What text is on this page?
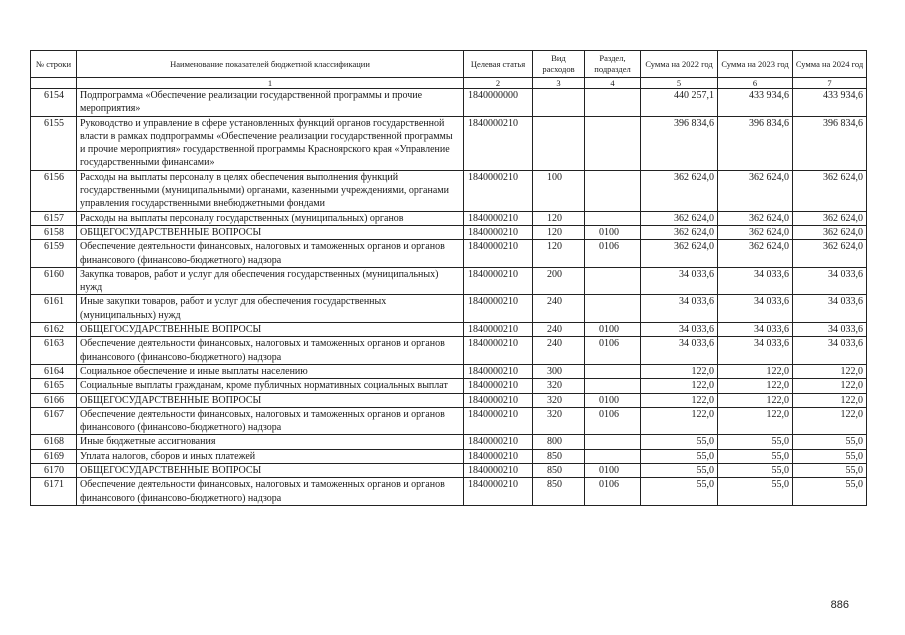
№ строки	Наименование показателей бюджетной классификации	Целевая статья	Вид расходов	Раздел, подраздел	Сумма на 2022 год	Сумма на 2023 год	Сумма на 2024 год
	1	2	3	4	5	6	7
6154	Подпрограмма «Обеспечение реализации государственной программы и прочие мероприятия»	1840000000			440 257,1	433 934,6	433 934,6
6155	Руководство и управление в сфере установленных функций органов государственной власти в рамках подпрограммы «Обеспечение реализации государственной программы и прочие мероприятия» государственной программы Красноярского края «Управление государственными финансами»	1840000210			396 834,6	396 834,6	396 834,6
6156	Расходы на выплаты персоналу в целях обеспечения выполнения функций государственными (муниципальными) органами, казенными учреждениями, органами управления государственными внебюджетными фондами	1840000210	100		362 624,0	362 624,0	362 624,0
6157	Расходы на выплаты персоналу государственных (муниципальных) органов	1840000210	120		362 624,0	362 624,0	362 624,0
6158	ОБЩЕГОСУДАРСТВЕННЫЕ ВОПРОСЫ	1840000210	120	0100	362 624,0	362 624,0	362 624,0
6159	Обеспечение деятельности финансовых, налоговых и таможенных органов и органов финансового (финансово-бюджетного) надзора	1840000210	120	0106	362 624,0	362 624,0	362 624,0
6160	Закупка товаров, работ и услуг для обеспечения государственных (муниципальных) нужд	1840000210	200		34 033,6	34 033,6	34 033,6
6161	Иные закупки товаров, работ и услуг для обеспечения государственных (муниципальных) нужд	1840000210	240		34 033,6	34 033,6	34 033,6
6162	ОБЩЕГОСУДАРСТВЕННЫЕ ВОПРОСЫ	1840000210	240	0100	34 033,6	34 033,6	34 033,6
6163	Обеспечение деятельности финансовых, налоговых и таможенных органов и органов финансового (финансово-бюджетного) надзора	1840000210	240	0106	34 033,6	34 033,6	34 033,6
6164	Социальное обеспечение и иные выплаты населению	1840000210	300		122,0	122,0	122,0
6165	Социальные выплаты гражданам, кроме публичных нормативных социальных выплат	1840000210	320		122,0	122,0	122,0
6166	ОБЩЕГОСУДАРСТВЕННЫЕ ВОПРОСЫ	1840000210	320	0100	122,0	122,0	122,0
6167	Обеспечение деятельности финансовых, налоговых и таможенных органов и органов финансового (финансово-бюджетного) надзора	1840000210	320	0106	122,0	122,0	122,0
6168	Иные бюджетные ассигнования	1840000210	800		55,0	55,0	55,0
6169	Уплата налогов, сборов и иных платежей	1840000210	850		55,0	55,0	55,0
6170	ОБЩЕГОСУДАРСТВЕННЫЕ ВОПРОСЫ	1840000210	850	0100	55,0	55,0	55,0
6171	Обеспечение деятельности финансовых, налоговых и таможенных органов и органов финансового (финансово-бюджетного) надзора	1840000210	850	0106	55,0	55,0	55,0
886
